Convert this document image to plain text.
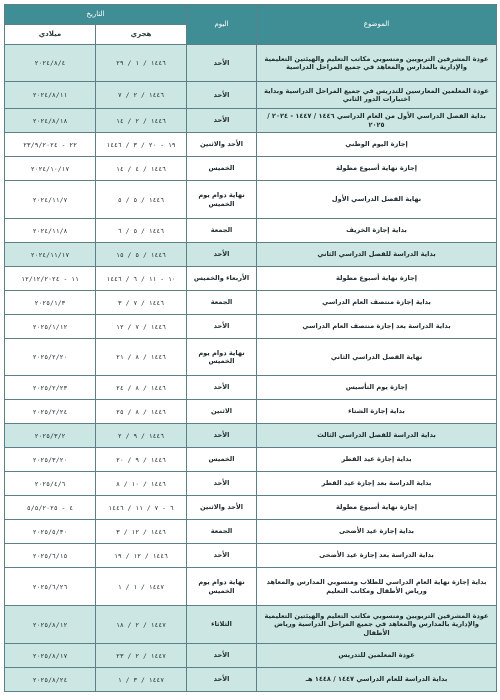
الموضوع	اليوم	التاريخ	
		هجري	ميلادي
عودة المشرفين التربويين ومنسوبي مكاتب التعليم والهيئتين التعليمية والإدارية بالمدارس والمعاهد في جميع المراحل الدراسية	الأحد	١٤٤٦ / ١ / ٢٩	٢٠٢٤/٨/٤
عودة المعلمين المعارسين للتدريس في جميع المراحل الدراسية وبداية اختبارات الدور الثاني	الأحد	١٤٤٦ / ٢ / ٧	٢٠٢٤/٨/١١
بداية الفصل الدراسي الأول من العام الدراسي ١٤٤٦ / ١٤٤٧ - ٢٠٢٤ / ٢٠٢٥	الأحد	١٤٤٦ / ٢ / ١٤	٢٠٢٤/٨/١٨
إجازة اليوم الوطني	الأحد والاثنين	١٩ - ٢٠ / ٣ / ١٤٤٦	٢٢ - ٢٣/٩/٢٠٢٤
إجازة نهاية أسبوع مطولة	الخميس	١٤٤٦ / ٤ / ١٤	٢٠٢٤/١٠/١٧
نهاية الفصل الدراسي الأول	نهاية دوام يوم الخميس	١٤٤٦ / ٥ / ٥	٢٠٢٤/١١/٧
بداية إجازة الخريف	الجمعة	١٤٤٦ / ٥ / ٦	٢٠٢٤/١١/٨
بداية الدراسة للفصل الدراسي الثاني	الأحد	١٤٤٦ / ٥ / ١٥	٢٠٢٤/١١/١٧
إجازة نهاية أسبوع مطولة	الأربعاء والخميس	١٠ - ١١ / ٦ / ١٤٤٦	١١ - ١٢/١٢/٢٠٢٤
بداية إجازة منتصف العام الدراسي	الجمعة	١٤٤٦ / ٧ / ٣	٢٠٢٥/١/٣
بداية الدراسة بعد إجازة منتصف العام الدراسي	الأحد	١٤٤٦ / ٧ / ١٢	٢٠٢٥/١/١٢
نهاية الفصل الدراسي الثاني	نهاية دوام يوم الخميس	١٤٤٦ / ٨ / ٢١	٢٠٢٥/٢/٢٠
إجازة يوم التأسيس	الأحد	١٤٤٦ / ٨ / ٢٤	٢٠٢٥/٢/٢٣
بداية إجازة الشتاء	الاثنين	١٤٤٦ / ٨ / ٢٥	٢٠٢٥/٢/٢٤
بداية الدراسة للفصل الدراسي الثالث	الأحد	١٤٤٦ / ٩ / ٢	٢٠٢٥/٣/٢
بداية إجازة عيد الفطر	الخميس	١٤٤٦ / ٩ / ٢٠	٢٠٢٥/٣/٢٠
بداية الدراسة بعد إجازة عيد الفطر	الأحد	١٤٤٦ / ١٠ / ٨	٢٠٢٥/٤/٦
إجازة نهاية أسبوع مطولة	الأحد والاثنين	٦ - ٧ / ١١ / ١٤٤٦	٤ - ٥/٥/٢٠٢٥
بداية إجازة عيد الأضحى	الجمعة	١٤٤٦ / ١٢ / ٣	٢٠٢٥/٥/٣٠
بداية الدراسة بعد إجازة عيد الأضحى	الأحد	١٤٤٦ / ١٢ / ١٩	٢٠٢٥/٦/١٥
بداية إجازة نهاية العام الدراسي للطلاب ومنسوبي المدارس والمعاهد ورياض الأطفال ومكاتب التعليم	نهاية دوام يوم الخميس	١٤٤٧ / ١ / ١	٢٠٢٥/٦/٢٦
عودة المشرفين التربويين ومنسوبي مكاتب التعليم والهيئتين التعليمية والإدارية بالمدارس والمعاهد في جميع المراحل الدراسية ورياض الأطفال	الثلاثاء	١٤٤٧ / ٢ / ١٨	٢٠٢٥/٨/١٢
عودة المعلمين للتدريس	الأحد	١٤٤٧ / ٢ / ٢٣	٢٠٢٥/٨/١٧
بداية الدراسة للعام الدراسي ١٤٤٧ / ١٤٤٨ هـ	الأحد	١٤٤٧ / ٣ / ١	٢٠٢٥/٨/٢٤
